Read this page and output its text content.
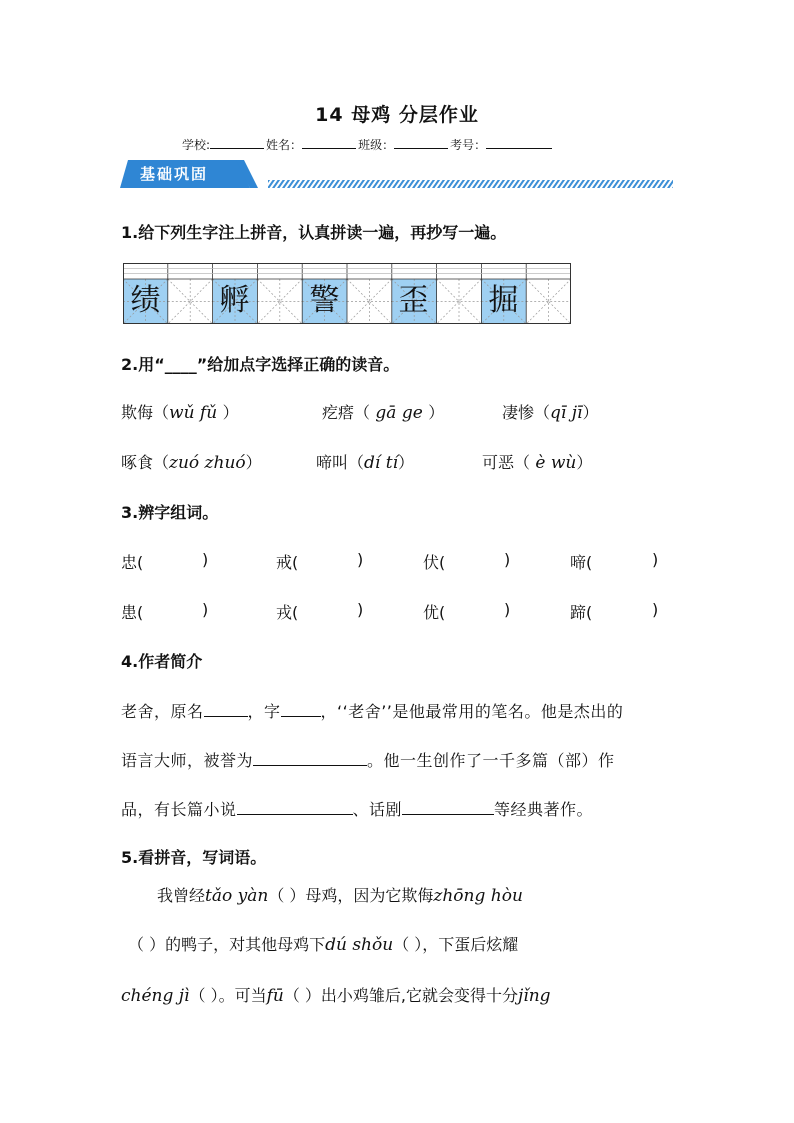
14 母鸡 分层作业
学校:	姓名：	班级：	考号：
基础巩固
1.给下列生字注上拼音，认真拼读一遍，再抄写一遍。
绩 孵 警 歪 掘
2.用“____”给加点字选择正确的读音。
欺侮（wǔ fǔ ）	疙瘩（ gā ge ）	凄惨（qī jī）
啄食（zuó zhuó）	啼叫（dí tí）	可恶（ è wù）
3.辨字组词。
忠(	)	戒(	)	伏(	)	啼(	)
患(	)	戎(	)	优(	)	蹄(	)
4.作者简介
老舍，原名	，字	，‘‘老舍’’是他最常用的笔名。他是杰出的
语言大师，被誉为	。他一生创作了一千多篇（部）作
品，有长篇小说	、话剧	等经典著作。
5.看拼音，写词语。
我曾经tǎo yàn（ ）母鸡，因为它欺侮zhōng hòu
（ ）的鸭子，对其他母鸡下dú shǒu（ ），下蛋后炫耀
chéng jì（ ）。可当fū（ ）出小鸡雏后,它就会变得十分jǐng
